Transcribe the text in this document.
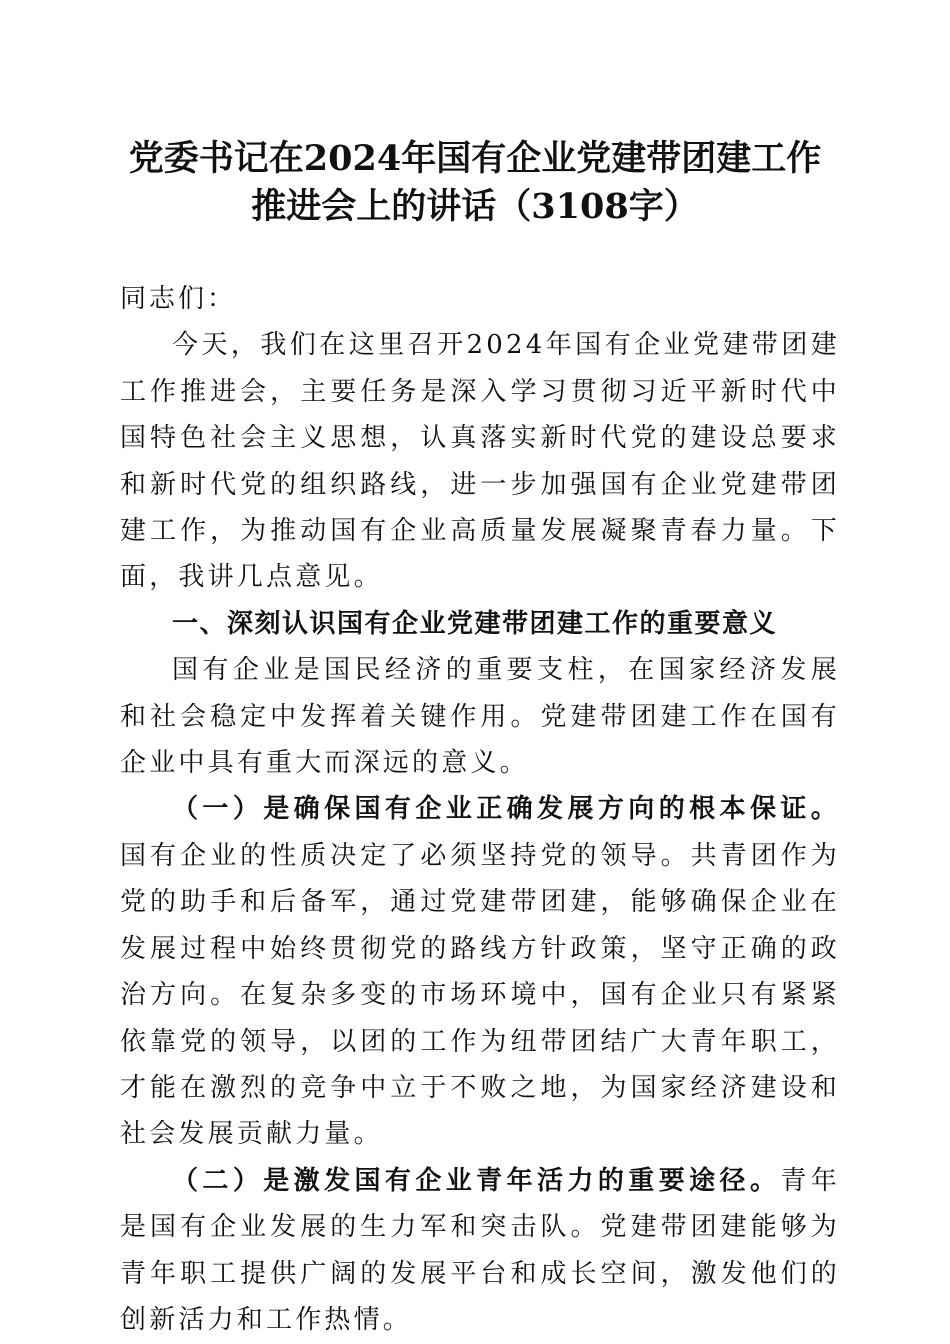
党委书记在2024年国有企业党建带团建工作
推进会上的讲话（3108字）

同志们：

今天，我们在这里召开2024年国有企业党建带团建工作推进会，主要任务是深入学习贯彻习近平新时代中国特色社会主义思想，认真落实新时代党的建设总要求和新时代党的组织路线，进一步加强国有企业党建带团建工作，为推动国有企业高质量发展凝聚青春力量。下面，我讲几点意见。

一、深刻认识国有企业党建带团建工作的重要意义

国有企业是国民经济的重要支柱，在国家经济发展和社会稳定中发挥着关键作用。党建带团建工作在国有企业中具有重大而深远的意义。

（一）是确保国有企业正确发展方向的根本保证。国有企业的性质决定了必须坚持党的领导。共青团作为党的助手和后备军，通过党建带团建，能够确保企业在发展过程中始终贯彻党的路线方针政策，坚守正确的政治方向。在复杂多变的市场环境中，国有企业只有紧紧依靠党的领导，以团的工作为纽带团结广大青年职工，才能在激烈的竞争中立于不败之地，为国家经济建设和社会发展贡献力量。

（二）是激发国有企业青年活力的重要途径。青年是国有企业发展的生力军和突击队。党建带团建能够为青年职工提供广阔的发展平台和成长空间，激发他们的创新活力和工作热情。
